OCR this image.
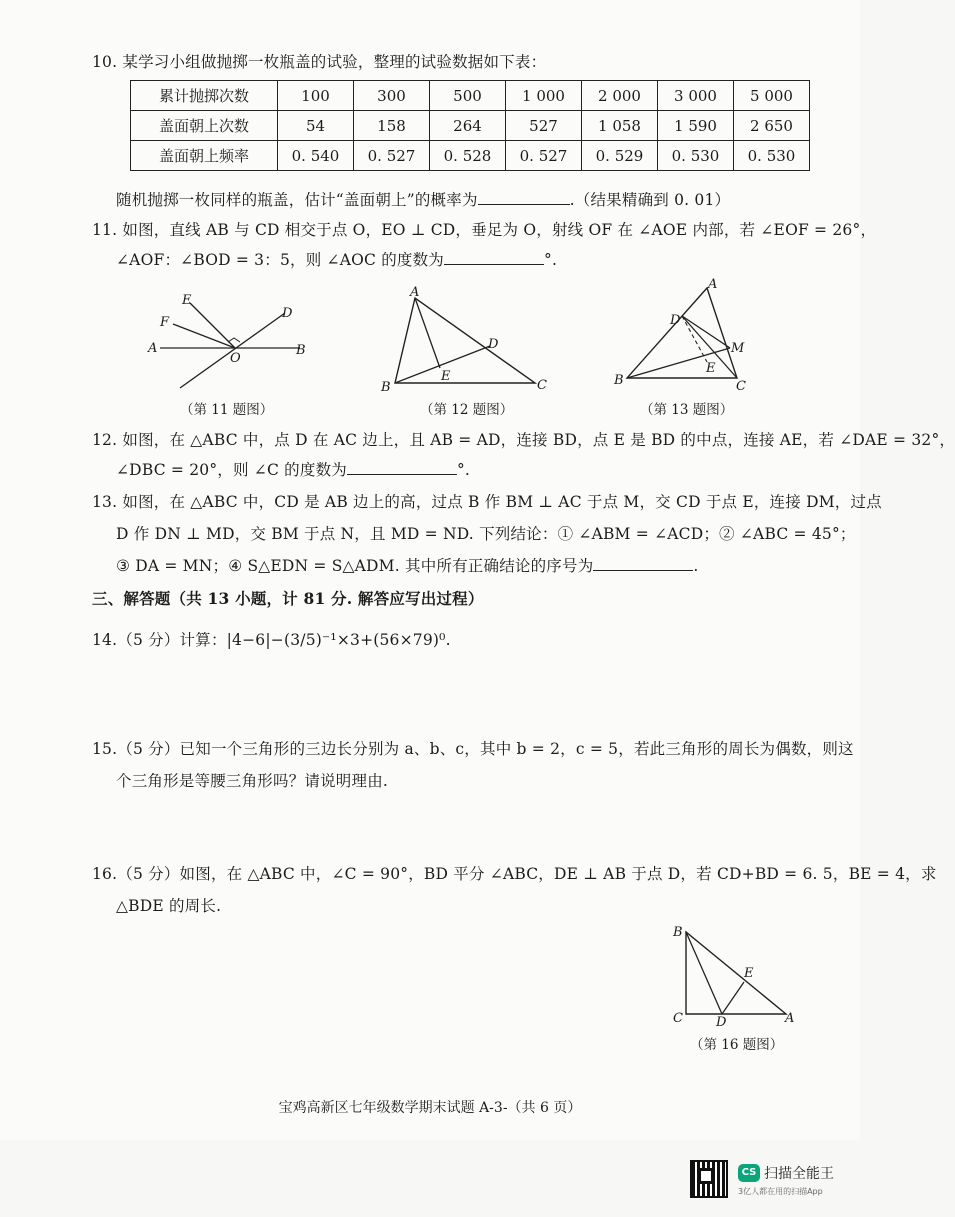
10. 某学习小组做抛掷一枚瓶盖的试验，整理的试验数据如下表：
累计抛掷次数	100	300	500	1 000	2 000	3 000	5 000
盖面朝上次数	54	158	264	527	1 058	1 590	2 650
盖面朝上频率	0. 540	0. 527	0. 528	0. 527	0. 529	0. 530	0. 530
随机抛掷一枚同样的瓶盖，估计“盖面朝上”的概率为	.（结果精确到 0. 01）
11. 如图，直线 AB 与 CD 相交于点 O，EO ⊥ CD，垂足为 O，射线 OF 在 ∠AOE 内部，若 ∠EOF = 26°，
∠AOF：∠BOD = 3：5，则 ∠AOC 的度数为	°.
E
D
F
A
O
B
（第 11 题图）
A
D
E
B	C
（第 12 题图）
A
D
M
E
B	C
（第 13 题图）
12. 如图，在 △ABC 中，点 D 在 AC 边上，且 AB = AD，连接 BD，点 E 是 BD 的中点，连接 AE，若 ∠DAE = 32°，
∠DBC = 20°，则 ∠C 的度数为	°.
13. 如图，在 △ABC 中，CD 是 AB 边上的高，过点 B 作 BM ⊥ AC 于点 M，交 CD 于点 E，连接 DM，过点
D 作 DN ⊥ MD，交 BM 于点 N，且 MD = ND. 下列结论：① ∠ABM = ∠ACD；② ∠ABC = 45°；
③ DA = MN；④ S△EDN = S△ADM. 其中所有正确结论的序号为	.
三、解答题（共 13 小题，计 81 分. 解答应写出过程）
14.（5 分）计算：|4−6|−(3/5)⁻¹×3+(56×79)⁰.
15.（5 分）已知一个三角形的三边长分别为 a、b、c，其中 b = 2，c = 5，若此三角形的周长为偶数，则这
个三角形是等腰三角形吗？请说明理由.
16.（5 分）如图，在 △ABC 中，∠C = 90°，BD 平分 ∠ABC，DE ⊥ AB 于点 D，若 CD+BD = 6. 5，BE = 4，求
△BDE 的周长.
B
E
C	D	A
（第 16 题图）
宝鸡高新区七年级数学期末试题 A-3-（共 6 页）
CS 扫描全能王
3亿人都在用的扫描App
